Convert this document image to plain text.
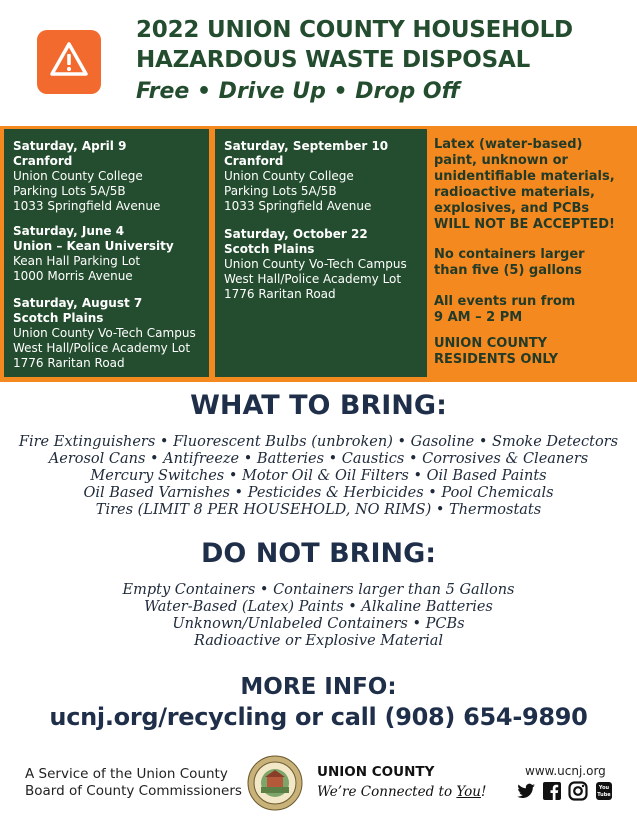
2022 UNION COUNTY HOUSEHOLD
HAZARDOUS WASTE DISPOSAL
Free • Drive Up • Drop Off
Saturday, April 9
Cranford
Union County College
Parking Lots 5A/5B
1033 Springfield Avenue
Saturday, June 4
Union – Kean University
Kean Hall Parking Lot
1000 Morris Avenue
Saturday, August 7
Scotch Plains
Union County Vo-Tech Campus
West Hall/Police Academy Lot
1776 Raritan Road
Saturday, September 10
Cranford
Union County College
Parking Lots 5A/5B
1033 Springfield Avenue
Saturday, October 22
Scotch Plains
Union County Vo-Tech Campus
West Hall/Police Academy Lot
1776 Raritan Road
Latex (water-based)
paint, unknown or
unidentifiable materials,
radioactive materials,
explosives, and PCBs
WILL NOT BE ACCEPTED!
No containers larger
than five (5) gallons
All events run from
9 AM – 2 PM
UNION COUNTY
RESIDENTS ONLY
WHAT TO BRING:
Fire Extinguishers • Fluorescent Bulbs (unbroken) • Gasoline • Smoke Detectors
Aerosol Cans • Antifreeze • Batteries • Caustics • Corrosives & Cleaners
Mercury Switches • Motor Oil & Oil Filters • Oil Based Paints
Oil Based Varnishes • Pesticides & Herbicides • Pool Chemicals
Tires (LIMIT 8 PER HOUSEHOLD, NO RIMS) • Thermostats
DO NOT BRING:
Empty Containers • Containers larger than 5 Gallons
Water-Based (Latex) Paints • Alkaline Batteries
Unknown/Unlabeled Containers • PCBs
Radioactive or Explosive Material
MORE INFO:
ucnj.org/recycling or call (908) 654-9890
A Service of the Union County
Board of County Commissioners
UNION COUNTY
We’re Connected to You!
www.ucnj.org
You
Tube
